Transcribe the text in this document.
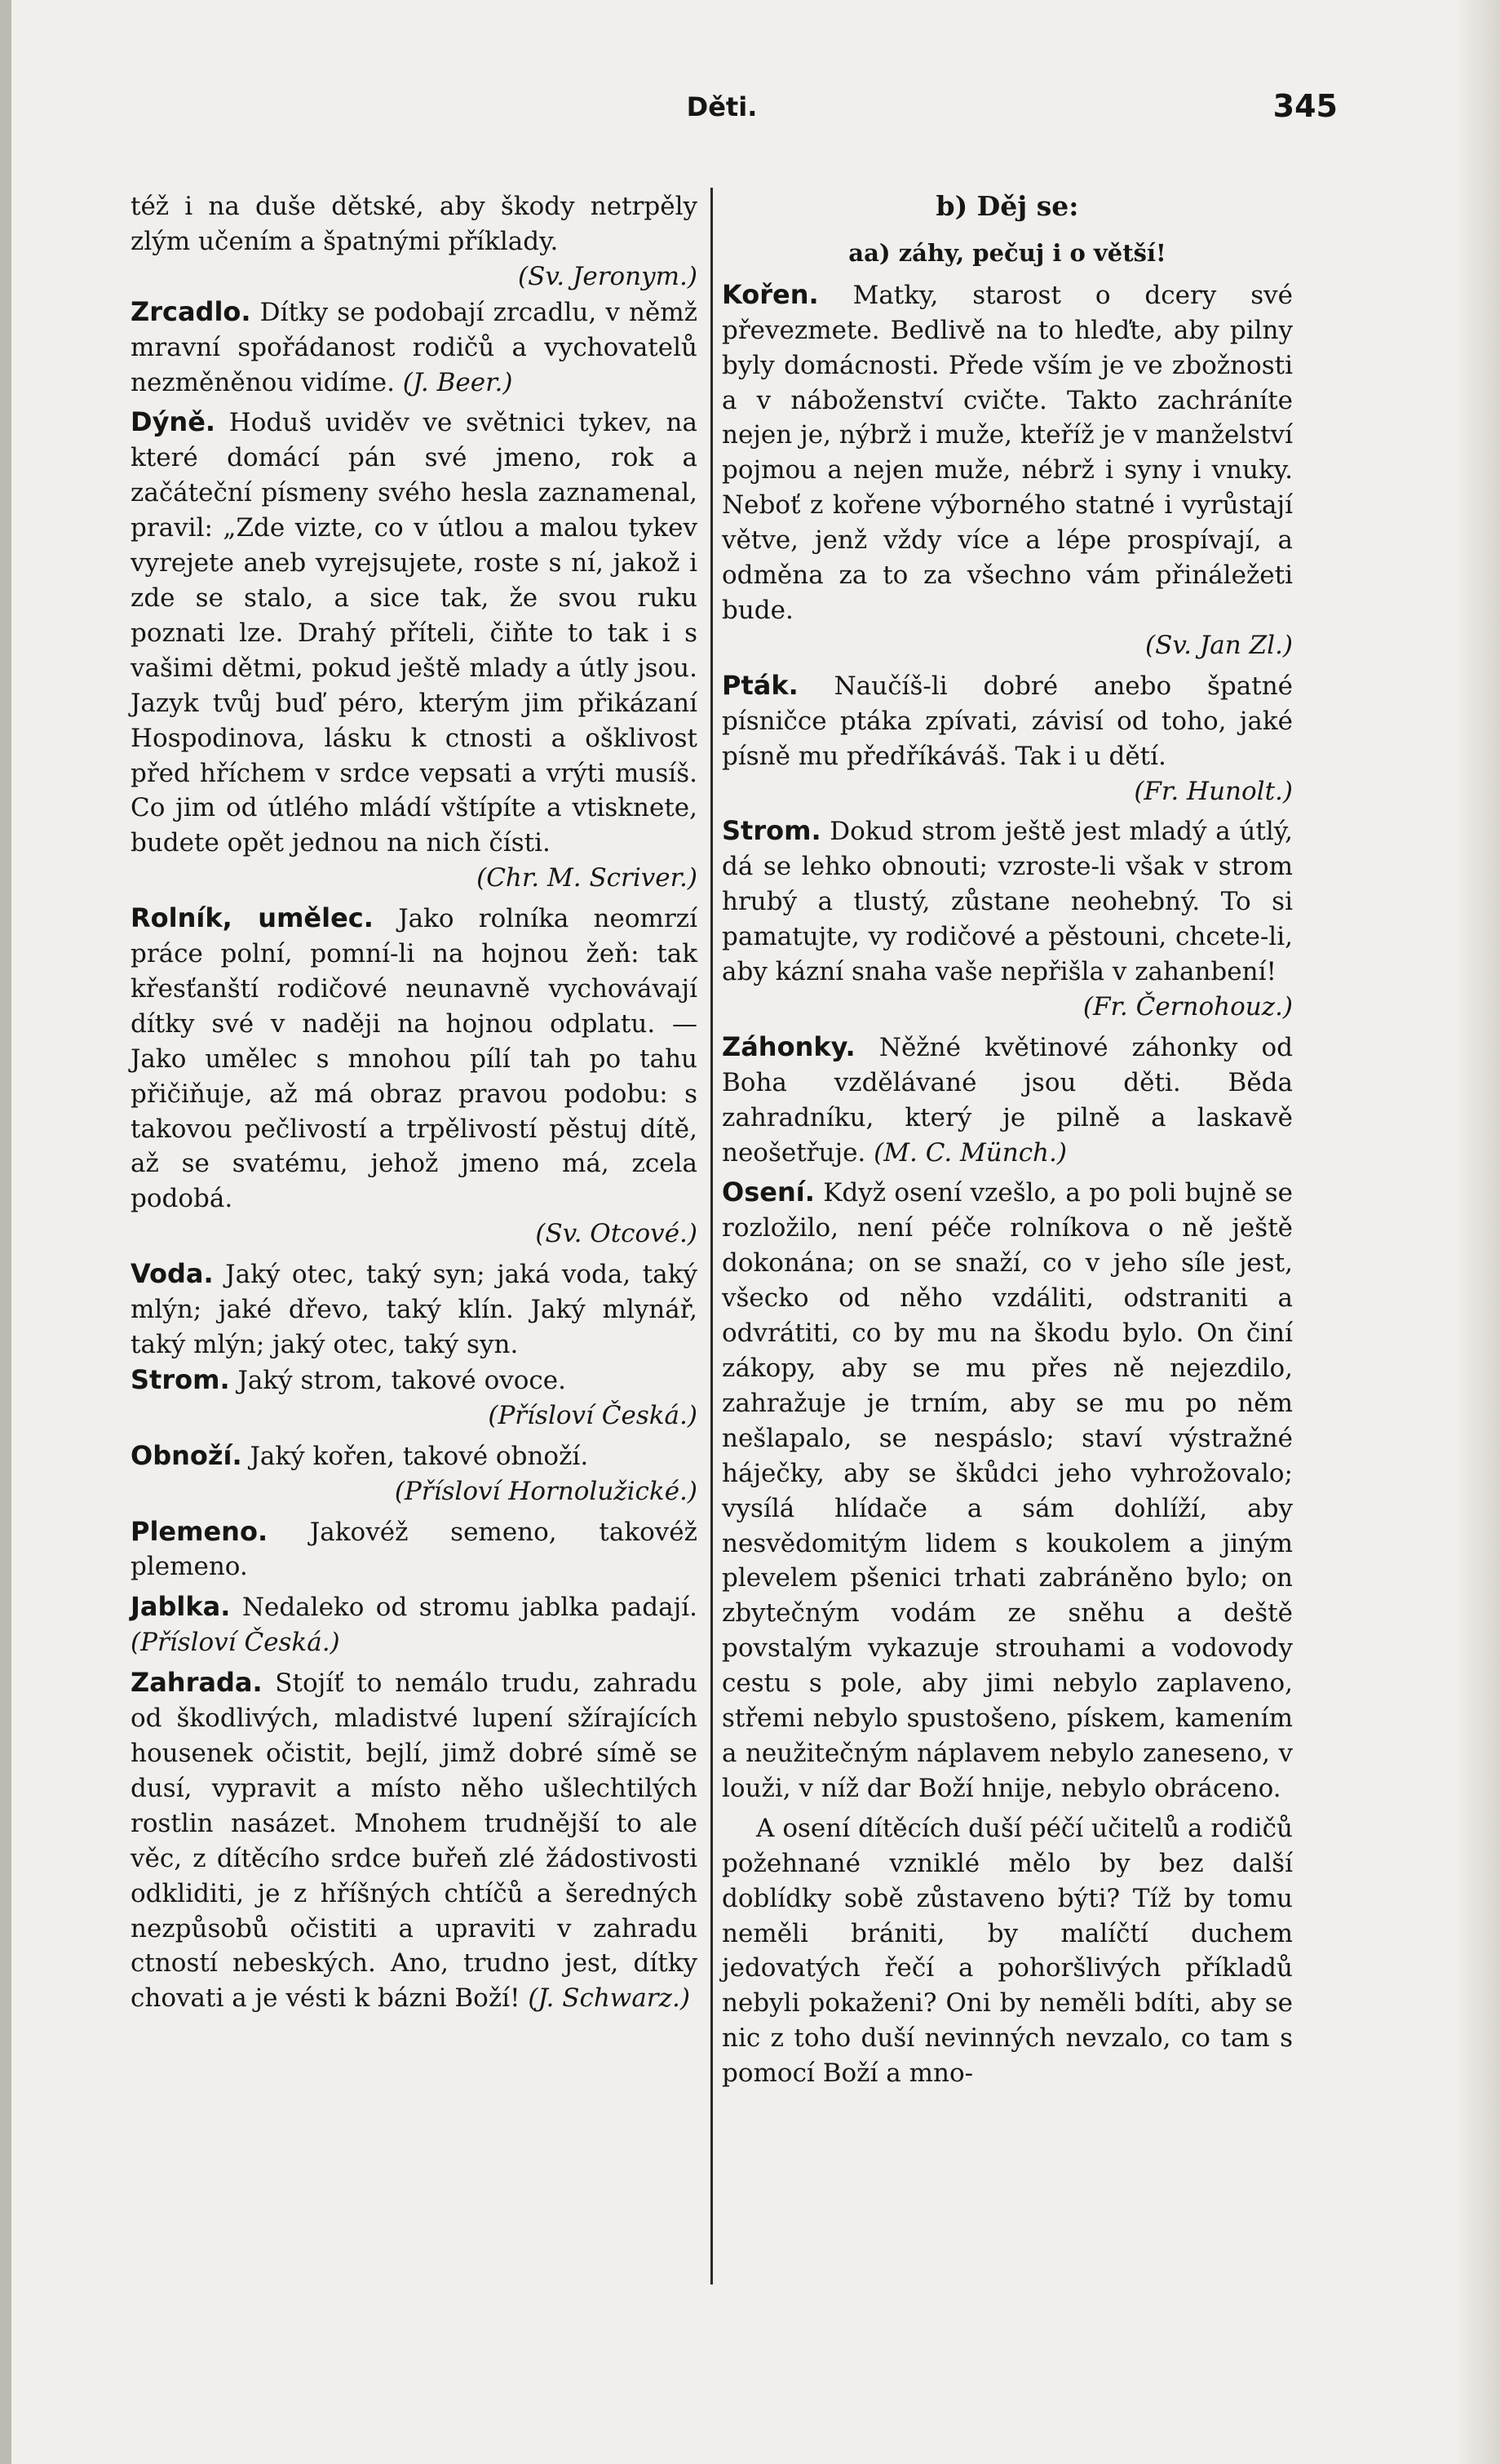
Děti.	345

též i na duše dětské, aby škody netrpěly zlým učením a špatnými příklady.

(Sv. Jeronym.)

Zrcadlo. Dítky se podobají zrcadlu, v němž mravní spořádanost rodičů a vychovatelů nezměněnou vidíme. (J. Beer.)

Dýně. Hoduš uviděv ve světnici tykev, na které domácí pán své jmeno, rok a začáteční písmeny svého hesla zaznamenal, pravil: „Zde vizte, co v útlou a malou tykev vyrejete aneb vyrejsujete, roste s ní, jakož i zde se stalo, a sice tak, že svou ruku poznati lze. Drahý příteli, čiňte to tak i s vašimi dětmi, pokud ještě mlady a útly jsou. Jazyk tvůj buď péro, kterým jim přikázaní Hospodinova, lásku k ctnosti a ošklivost před hříchem v srdce vepsati a vrýti musíš. Co jim od útlého mládí vštípíte a vtisknete, budete opět jednou na nich čísti.

(Chr. M. Scriver.)

Rolník, umělec. Jako rolníka neomrzí práce polní, pomní-li na hojnou žeň: tak křesťanští rodičové neunavně vychovávají dítky své v naději na hojnou odplatu. — Jako umělec s mnohou pílí tah po tahu přičiňuje, až má obraz pravou podobu: s takovou pečlivostí a trpělivostí pěstuj dítě, až se svatému, jehož jmeno má, zcela podobá.

(Sv. Otcové.)

Voda. Jaký otec, taký syn; jaká voda, taký mlýn; jaké dřevo, taký klín. Jaký mlynář, taký mlýn; jaký otec, taký syn.

Strom. Jaký strom, takové ovoce.

(Přísloví Česká.)

Obnoží. Jaký kořen, takové obnoží.

(Přísloví Hornolužické.)

Plemeno. Jakovéž semeno, takovéž plemeno.

Jablka. Nedaleko od stromu jablka padají. (Přísloví Česká.)

Zahrada. Stojíť to nemálo trudu, zahradu od škodlivých, mladistvé lupení sžírajících housenek očistit, bejlí, jimž dobré símě se dusí, vypravit a místo něho ušlechtilých rostlin nasázet. Mnohem trudnější to ale věc, z dítěcího srdce buřeň zlé žádostivosti odkliditi, je z hříšných chtíčů a šeredných nezpůsobů očistiti a upraviti v zahradu ctností nebeských. Ano, trudno jest, dítky chovati a je vésti k bázni Boží! (J. Schwarz.)

b) Děj se:

aa) záhy, pečuj i o větší!

Kořen. Matky, starost o dcery své převezmete. Bedlivě na to hleďte, aby pilny byly domácnosti. Přede vším je ve zbožnosti a v náboženství cvičte. Takto zachráníte nejen je, nýbrž i muže, kteříž je v manželství pojmou a nejen muže, nébrž i syny i vnuky. Neboť z kořene výborného statné i vyrůstají větve, jenž vždy více a lépe prospívají, a odměna za to za všechno vám přináležeti bude.

(Sv. Jan Zl.)

Pták. Naučíš-li dobré anebo špatné písničce ptáka zpívati, závisí od toho, jaké písně mu předříkáváš. Tak i u dětí.

(Fr. Hunolt.)

Strom. Dokud strom ještě jest mladý a útlý, dá se lehko obnouti; vzroste-li však v strom hrubý a tlustý, zůstane neohebný. To si pamatujte, vy rodičové a pěstouni, chcete-li, aby kázní snaha vaše nepřišla v zahanbení!

(Fr. Černohouz.)

Záhonky. Něžné květinové záhonky od Boha vzdělávané jsou děti. Běda zahradníku, který je pilně a laskavě neošetřuje. (M. C. Münch.)

Osení. Když osení vzešlo, a po poli bujně se rozložilo, není péče rolníkova o ně ještě dokonána; on se snaží, co v jeho síle jest, všecko od něho vzdáliti, odstraniti a odvrátiti, co by mu na škodu bylo. On činí zákopy, aby se mu přes ně nejezdilo, zahražuje je trním, aby se mu po něm nešlapalo, se nespáslo; staví výstražné háječky, aby se škůdci jeho vyhrožovalo; vysílá hlídače a sám dohlíží, aby nesvědomitým lidem s koukolem a jiným plevelem pšenici trhati zabráněno bylo; on zbytečným vodám ze sněhu a deště povstalým vykazuje strouhami a vodovody cestu s pole, aby jimi nebylo zaplaveno, střemi nebylo spustošeno, pískem, kamením a neužitečným náplavem nebylo zaneseno, v louži, v níž dar Boží hnije, nebylo obráceno.

A osení dítěcích duší péčí učitelů a rodičů požehnané vzniklé mělo by bez další doblídky sobě zůstaveno býti? Tíž by tomu neměli brániti, by malíčtí duchem jedovatých řečí a pohoršlivých příkladů nebyli pokaženi? Oni by neměli bdíti, aby se nic z toho duší nevinných nevzalo, co tam s pomocí Boží a mno-
